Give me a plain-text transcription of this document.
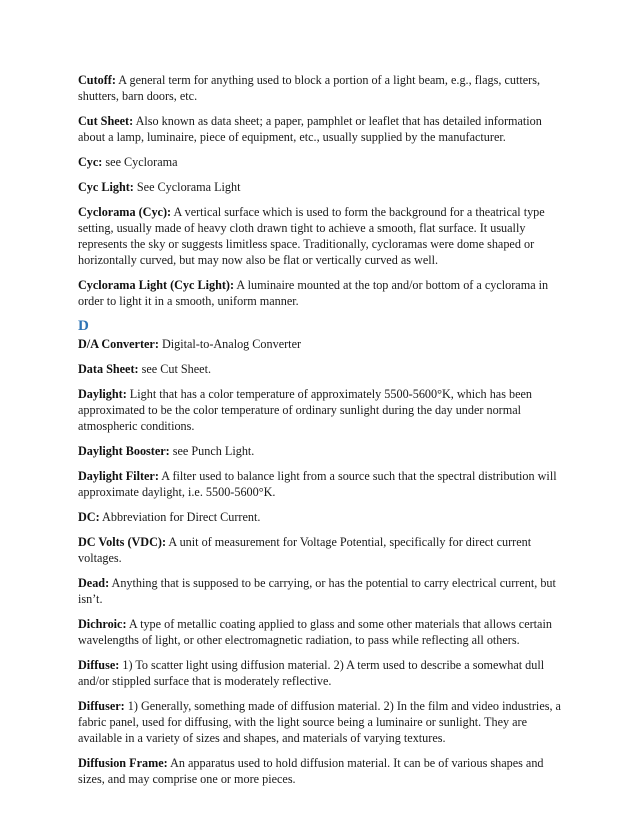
Cutoff: A general term for anything used to block a portion of a light beam, e.g., flags, cutters, shutters, barn doors, etc.

Cut Sheet: Also known as data sheet; a paper, pamphlet or leaflet that has detailed information about a lamp, luminaire, piece of equipment, etc., usually supplied by the manufacturer.

Cyc: see Cyclorama

Cyc Light: See Cyclorama Light

Cyclorama (Cyc): A vertical surface which is used to form the background for a theatrical type setting, usually made of heavy cloth drawn tight to achieve a smooth, flat surface. It usually represents the sky or suggests limitless space. Traditionally, cycloramas were dome shaped or horizontally curved, but may now also be flat or vertically curved as well.

Cyclorama Light (Cyc Light): A luminaire mounted at the top and/or bottom of a cyclorama in order to light it in a smooth, uniform manner.

D

D/A Converter: Digital-to-Analog Converter

Data Sheet: see Cut Sheet.

Daylight: Light that has a color temperature of approximately 5500-5600°K, which has been approximated to be the color temperature of ordinary sunlight during the day under normal atmospheric conditions.

Daylight Booster: see Punch Light.

Daylight Filter: A filter used to balance light from a source such that the spectral distribution will approximate daylight, i.e. 5500-5600°K.

DC: Abbreviation for Direct Current.

DC Volts (VDC): A unit of measurement for Voltage Potential, specifically for direct current voltages.

Dead: Anything that is supposed to be carrying, or has the potential to carry electrical current, but isn’t.

Dichroic: A type of metallic coating applied to glass and some other materials that allows certain wavelengths of light, or other electromagnetic radiation, to pass while reflecting all others.

Diffuse: 1) To scatter light using diffusion material. 2) A term used to describe a somewhat dull and/or stippled surface that is moderately reflective.

Diffuser: 1) Generally, something made of diffusion material. 2) In the film and video industries, a fabric panel, used for diffusing, with the light source being a luminaire or sunlight. They are available in a variety of sizes and shapes, and materials of varying textures.

Diffusion Frame: An apparatus used to hold diffusion material. It can be of various shapes and sizes, and may comprise one or more pieces.
